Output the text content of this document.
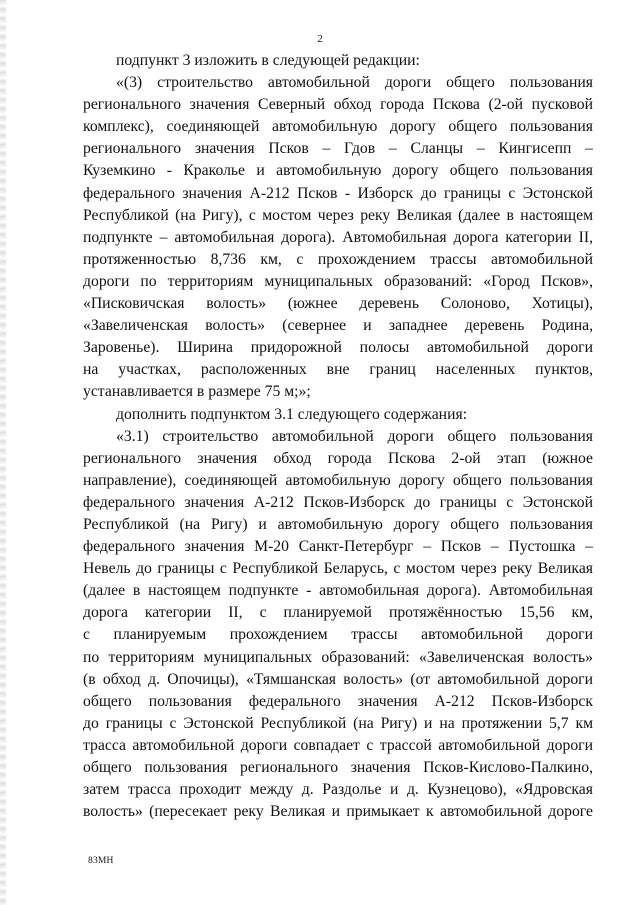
2
подпункт 3 изложить в следующей редакции:
«(3) строительство автомобильной дороги общего пользования
регионального значения Северный обход города Пскова (2-ой пусковой
комплекс), соединяющей автомобильную дорогу общего пользования
регионального значения Псков – Гдов – Сланцы – Кингисепп –
Куземкино - Краколье и автомобильную дорогу общего пользования
федерального значения А-212 Псков - Изборск до границы с Эстонской
Республикой (на Ригу), с мостом через реку Великая (далее в настоящем
подпункте – автомобильная дорога). Автомобильная дорога категории II,
протяженностью 8,736 км, с прохождением трассы автомобильной
дороги по территориям муниципальных образований: «Город Псков»,
«Писковичская волость» (южнее деревень Солоново, Хотицы),
«Завеличенская волость» (севернее и западнее деревень Родина,
Заровенье). Ширина придорожной полосы автомобильной дороги
на участках, расположенных вне границ населенных пунктов,
устанавливается в размере 75 м;»;
дополнить подпунктом 3.1 следующего содержания:
«3.1) строительство автомобильной дороги общего пользования
регионального значения обход города Пскова 2-ой этап (южное
направление), соединяющей автомобильную дорогу общего пользования
федерального значения А-212 Псков-Изборск до границы с Эстонской
Республикой (на Ригу) и автомобильную дорогу общего пользования
федерального значения М-20 Санкт-Петербург – Псков – Пустошка –
Невель до границы с Республикой Беларусь, с мостом через реку Великая
(далее в настоящем подпункте - автомобильная дорога). Автомобильная
дорога категории II, с планируемой протяжённостью 15,56 км,
с планируемым прохождением трассы автомобильной дороги
по территориям муниципальных образований: «Завеличенская волость»
(в обход д. Опочицы), «Тямшанская волость» (от автомобильной дороги
общего пользования федерального значения А-212 Псков-Изборск
до границы с Эстонской Республикой (на Ригу) и на протяжении 5,7 км
трасса автомобильной дороги совпадает с трассой автомобильной дороги
общего пользования регионального значения Псков-Кислово-Палкино,
затем трасса проходит между д. Раздолье и д. Кузнецово), «Ядровская
волость» (пересекает реку Великая и примыкает к автомобильной дороге
83МН
